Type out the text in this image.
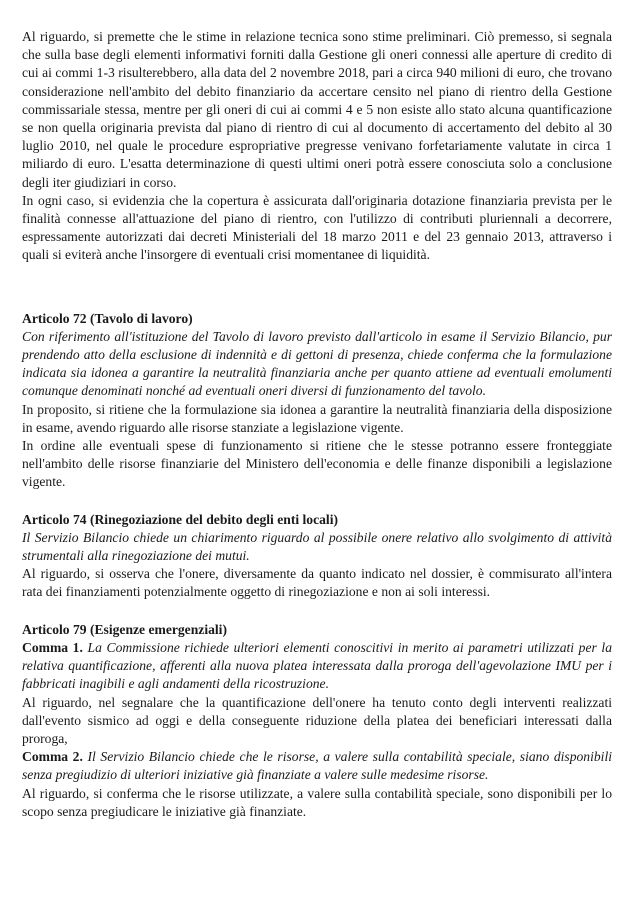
Al riguardo, si premette che le stime in relazione tecnica sono stime preliminari. Ciò premesso, si segnala che sulla base degli elementi informativi forniti dalla Gestione gli oneri connessi alle aperture di credito di cui ai commi 1-3 risulterebbero, alla data del 2 novembre 2018, pari a circa 940 milioni di euro, che trovano considerazione nell'ambito del debito finanziario da accertare censito nel piano di rientro della Gestione commissariale stessa, mentre per gli oneri di cui ai commi 4 e 5 non esiste allo stato alcuna quantificazione se non quella originaria prevista dal piano di rientro di cui al documento di accertamento del debito al 30 luglio 2010, nel quale le procedure espropriative pregresse venivano forfetariamente valutate in circa 1 miliardo di euro. L'esatta determinazione di questi ultimi oneri potrà essere conosciuta solo a conclusione degli iter giudiziari in corso.

In ogni caso, si evidenzia che la copertura è assicurata dall'originaria dotazione finanziaria prevista per le finalità connesse all'attuazione del piano di rientro, con l'utilizzo di contributi pluriennali a decorrere, espressamente autorizzati dai decreti Ministeriali del 18 marzo 2011 e del 23 gennaio 2013, attraverso i quali si eviterà anche l'insorgere di eventuali crisi momentanee di liquidità.

Articolo 72 (Tavolo di lavoro)

Con riferimento all'istituzione del Tavolo di lavoro previsto dall'articolo in esame il Servizio Bilancio, pur prendendo atto della esclusione di indennità e di gettoni di presenza, chiede conferma che la formulazione indicata sia idonea a garantire la neutralità finanziaria anche per quanto attiene ad eventuali emolumenti comunque denominati nonché ad eventuali oneri diversi di funzionamento del tavolo.

In proposito, si ritiene che la formulazione sia idonea a garantire la neutralità finanziaria della disposizione in esame, avendo riguardo alle risorse stanziate a legislazione vigente.

In ordine alle eventuali spese di funzionamento si ritiene che le stesse potranno essere fronteggiate nell'ambito delle risorse finanziarie del Ministero dell'economia e delle finanze disponibili a legislazione vigente.

Articolo 74 (Rinegoziazione del debito degli enti locali)

Il Servizio Bilancio chiede un chiarimento riguardo al possibile onere relativo allo svolgimento di attività strumentali alla rinegoziazione dei mutui.

Al riguardo, si osserva che l'onere, diversamente da quanto indicato nel dossier, è commisurato all'intera rata dei finanziamenti potenzialmente oggetto di rinegoziazione e non ai soli interessi.

Articolo 79 (Esigenze emergenziali)

Comma 1. La Commissione richiede ulteriori elementi conoscitivi in merito ai parametri utilizzati per la relativa quantificazione, afferenti alla nuova platea interessata dalla proroga dell'agevolazione IMU per i fabbricati inagibili e agli andamenti della ricostruzione.

Al riguardo, nel segnalare che la quantificazione dell'onere ha tenuto conto degli interventi realizzati dall'evento sismico ad oggi e della conseguente riduzione della platea dei beneficiari interessati dalla proroga,

Comma 2. Il Servizio Bilancio chiede che le risorse, a valere sulla contabilità speciale, siano disponibili senza pregiudizio di ulteriori iniziative già finanziate a valere sulle medesime risorse.

Al riguardo, si conferma che le risorse utilizzate, a valere sulla contabilità speciale, sono disponibili per lo scopo senza pregiudicare le iniziative già finanziate.
